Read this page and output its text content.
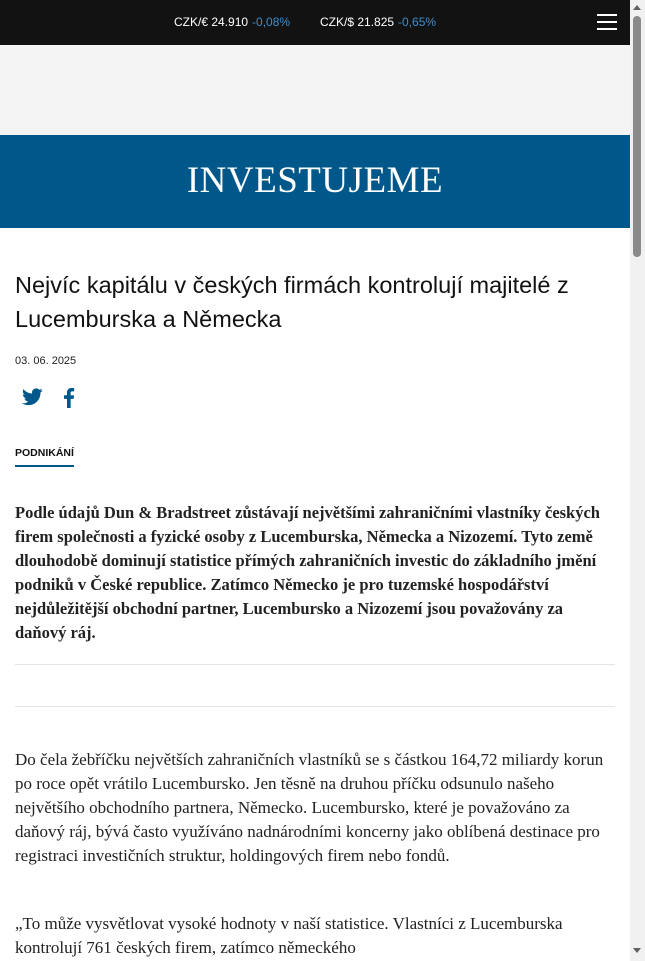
CZK/€ 24.910 -0,08% CZK/$ 21.825 -0,65%
INVESTUJEME
Nejvíc kapitálu v českých firmách kontrolují majitelé z Lucemburska a Německa
03. 06. 2025
PODNIKÁNÍ
Podle údajů Dun & Bradstreet zůstávají největšími zahraničními vlastníky českých firem společnosti a fyzické osoby z Lucemburska, Německa a Nizozemí. Tyto země dlouhodobě dominují statistice přímých zahraničních investic do základního jmění podniků v České republice. Zatímco Německo je pro tuzemské hospodářství nejdůležitější obchodní partner, Lucembursko a Nizozemí jsou považovány za daňový ráj.
Do čela žebříčku největších zahraničních vlastníků se s částkou 164,72 miliardy korun po roce opět vrátilo Lucembursko. Jen těsně na druhou příčku odsunulo našeho největšího obchodního partnera, Německo. Lucembursko, které je považováno za daňový ráj, bývá často využíváno nadnárodními koncerny jako oblíbená destinace pro registraci investičních struktur, holdingových firem nebo fondů.
„To může vysvětlovat vysoké hodnoty v naší statistice. Vlastníci z Lucemburska kontrolují 761 českých firem, zatímco německého
